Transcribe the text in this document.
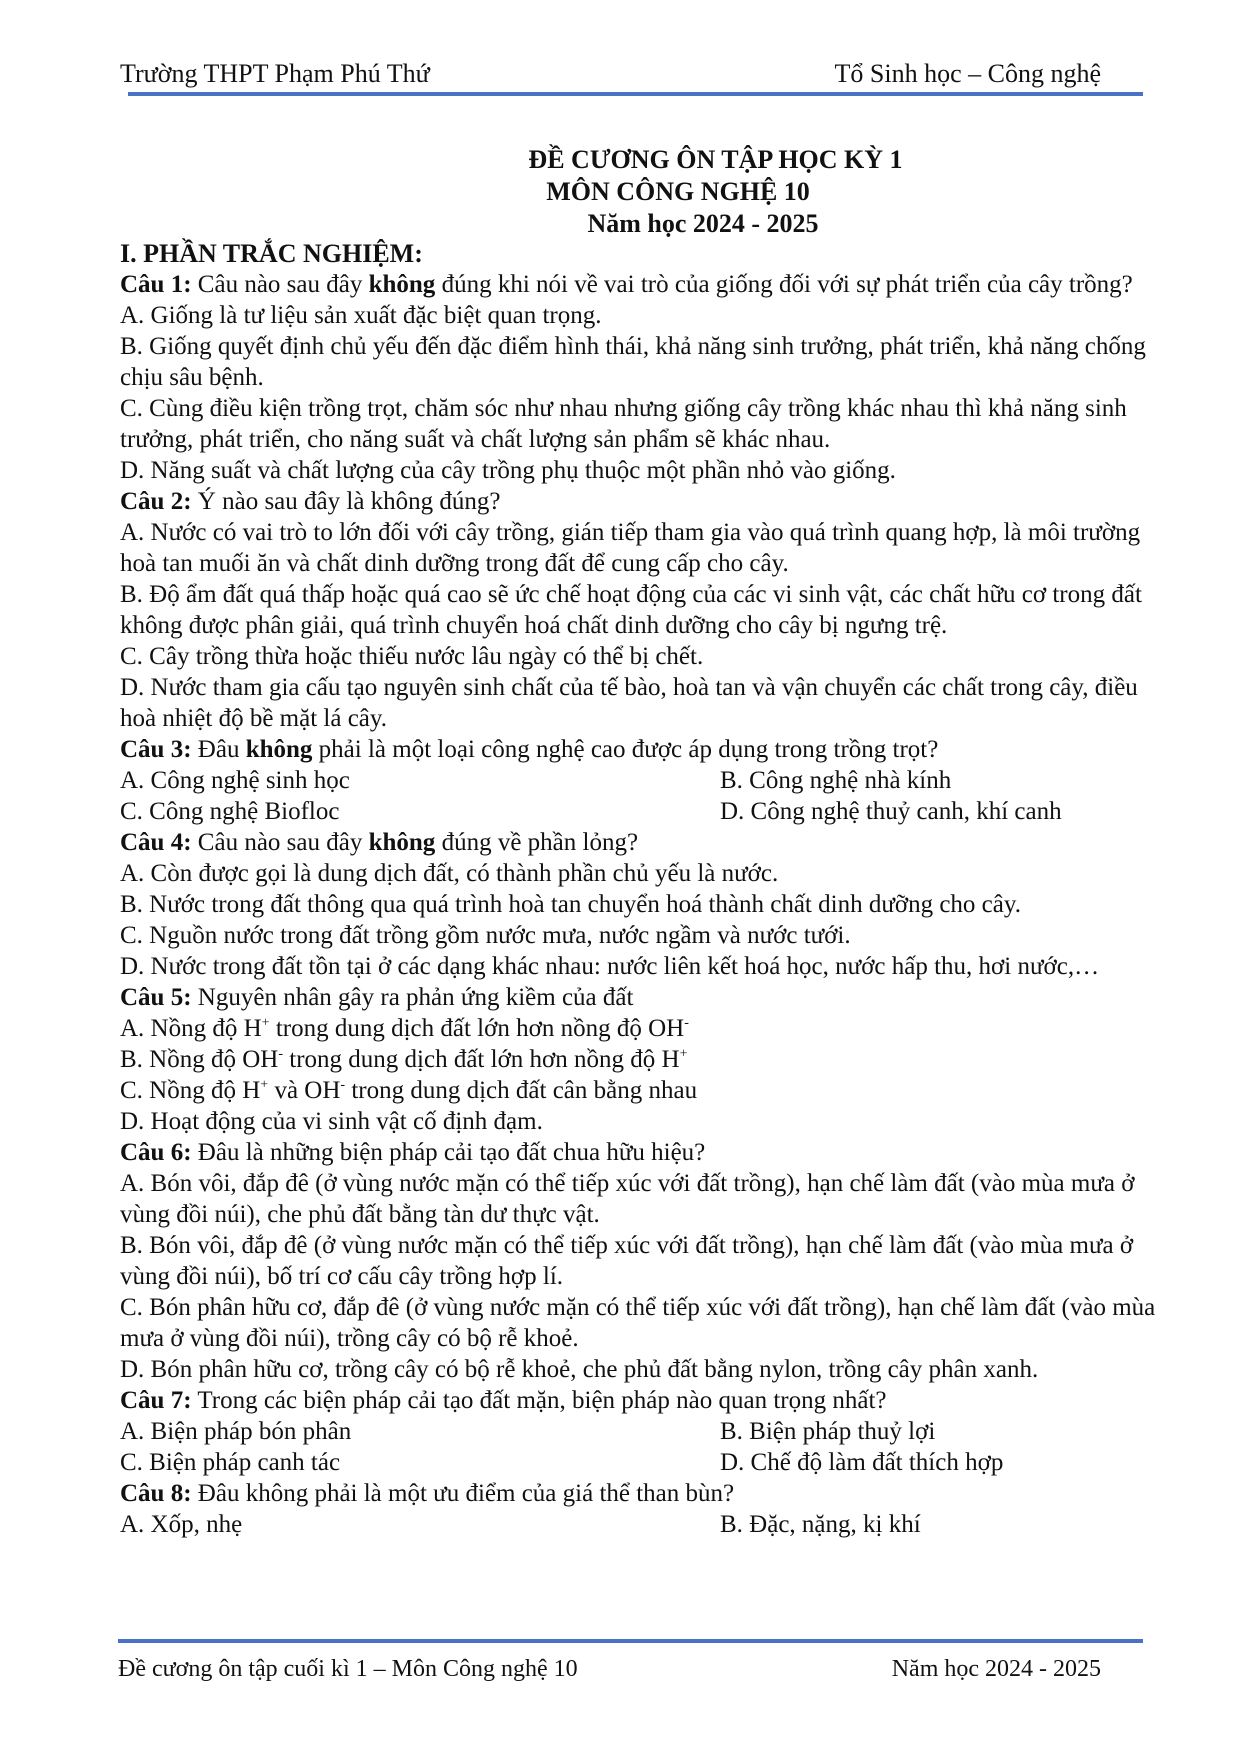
Trường THPT Phạm Phú Thứ	Tổ Sinh học – Công nghệ
ĐỀ CƯƠNG ÔN TẬP HỌC KỲ 1
MÔN CÔNG NGHỆ 10
Năm học 2024 - 2025
I. PHẦN TRẮC NGHIỆM:
Câu 1: Câu nào sau đây không đúng khi nói về vai trò của giống đối với sự phát triển của cây trồng?
A. Giống là tư liệu sản xuất đặc biệt quan trọng.
B. Giống quyết định chủ yếu đến đặc điểm hình thái, khả năng sinh trưởng, phát triển, khả năng chống chịu sâu bệnh.
C. Cùng điều kiện trồng trọt, chăm sóc như nhau nhưng giống cây trồng khác nhau thì khả năng sinh trưởng, phát triển, cho năng suất và chất lượng sản phẩm sẽ khác nhau.
D. Năng suất và chất lượng của cây trồng phụ thuộc một phần nhỏ vào giống.
Câu 2: Ý nào sau đây là không đúng?
A. Nước có vai trò to lớn đối với cây trồng, gián tiếp tham gia vào quá trình quang hợp, là môi trường hoà tan muối ăn và chất dinh dưỡng trong đất để cung cấp cho cây.
B. Độ ẩm đất quá thấp hoặc quá cao sẽ ức chế hoạt động của các vi sinh vật, các chất hữu cơ trong đất không được phân giải, quá trình chuyển hoá chất dinh dưỡng cho cây bị ngưng trệ.
C. Cây trồng thừa hoặc thiếu nước lâu ngày có thể bị chết.
D. Nước tham gia cấu tạo nguyên sinh chất của tế bào, hoà tan và vận chuyển các chất trong cây, điều hoà nhiệt độ bề mặt lá cây.
Câu 3: Đâu không phải là một loại công nghệ cao được áp dụng trong trồng trọt?
A. Công nghệ sinh học	B. Công nghệ nhà kính
C. Công nghệ Biofloc	D. Công nghệ thuỷ canh, khí canh
Câu 4: Câu nào sau đây không đúng về phần lỏng?
A. Còn được gọi là dung dịch đất, có thành phần chủ yếu là nước.
B. Nước trong đất thông qua quá trình hoà tan chuyển hoá thành chất dinh dưỡng cho cây.
C. Nguồn nước trong đất trồng gồm nước mưa, nước ngầm và nước tưới.
D. Nước trong đất tồn tại ở các dạng khác nhau: nước liên kết hoá học, nước hấp thu, hơi nước,…
Câu 5: Nguyên nhân gây ra phản ứng kiềm của đất
A. Nồng độ H+ trong dung dịch đất lớn hơn nồng độ OH-
B. Nồng độ OH- trong dung dịch đất lớn hơn nồng độ H+
C. Nồng độ H+ và OH- trong dung dịch đất cân bằng nhau
D. Hoạt động của vi sinh vật cố định đạm.
Câu 6: Đâu là những biện pháp cải tạo đất chua hữu hiệu?
A. Bón vôi, đắp đê (ở vùng nước mặn có thể tiếp xúc với đất trồng), hạn chế làm đất (vào mùa mưa ở vùng đồi núi), che phủ đất bằng tàn dư thực vật.
B. Bón vôi, đắp đê (ở vùng nước mặn có thể tiếp xúc với đất trồng), hạn chế làm đất (vào mùa mưa ở vùng đồi núi), bố trí cơ cấu cây trồng hợp lí.
C. Bón phân hữu cơ, đắp đê (ở vùng nước mặn có thể tiếp xúc với đất trồng), hạn chế làm đất (vào mùa mưa ở vùng đồi núi), trồng cây có bộ rễ khoẻ.
D. Bón phân hữu cơ, trồng cây có bộ rễ khoẻ, che phủ đất bằng nylon, trồng cây phân xanh.
Câu 7: Trong các biện pháp cải tạo đất mặn, biện pháp nào quan trọng nhất?
A. Biện pháp bón phân	B. Biện pháp thuỷ lợi
C. Biện pháp canh tác	D. Chế độ làm đất thích hợp
Câu 8: Đâu không phải là một ưu điểm của giá thể than bùn?
A. Xốp, nhẹ	B. Đặc, nặng, kị khí
Đề cương ôn tập cuối kì 1 – Môn Công nghệ 10	Năm học 2024 - 2025
